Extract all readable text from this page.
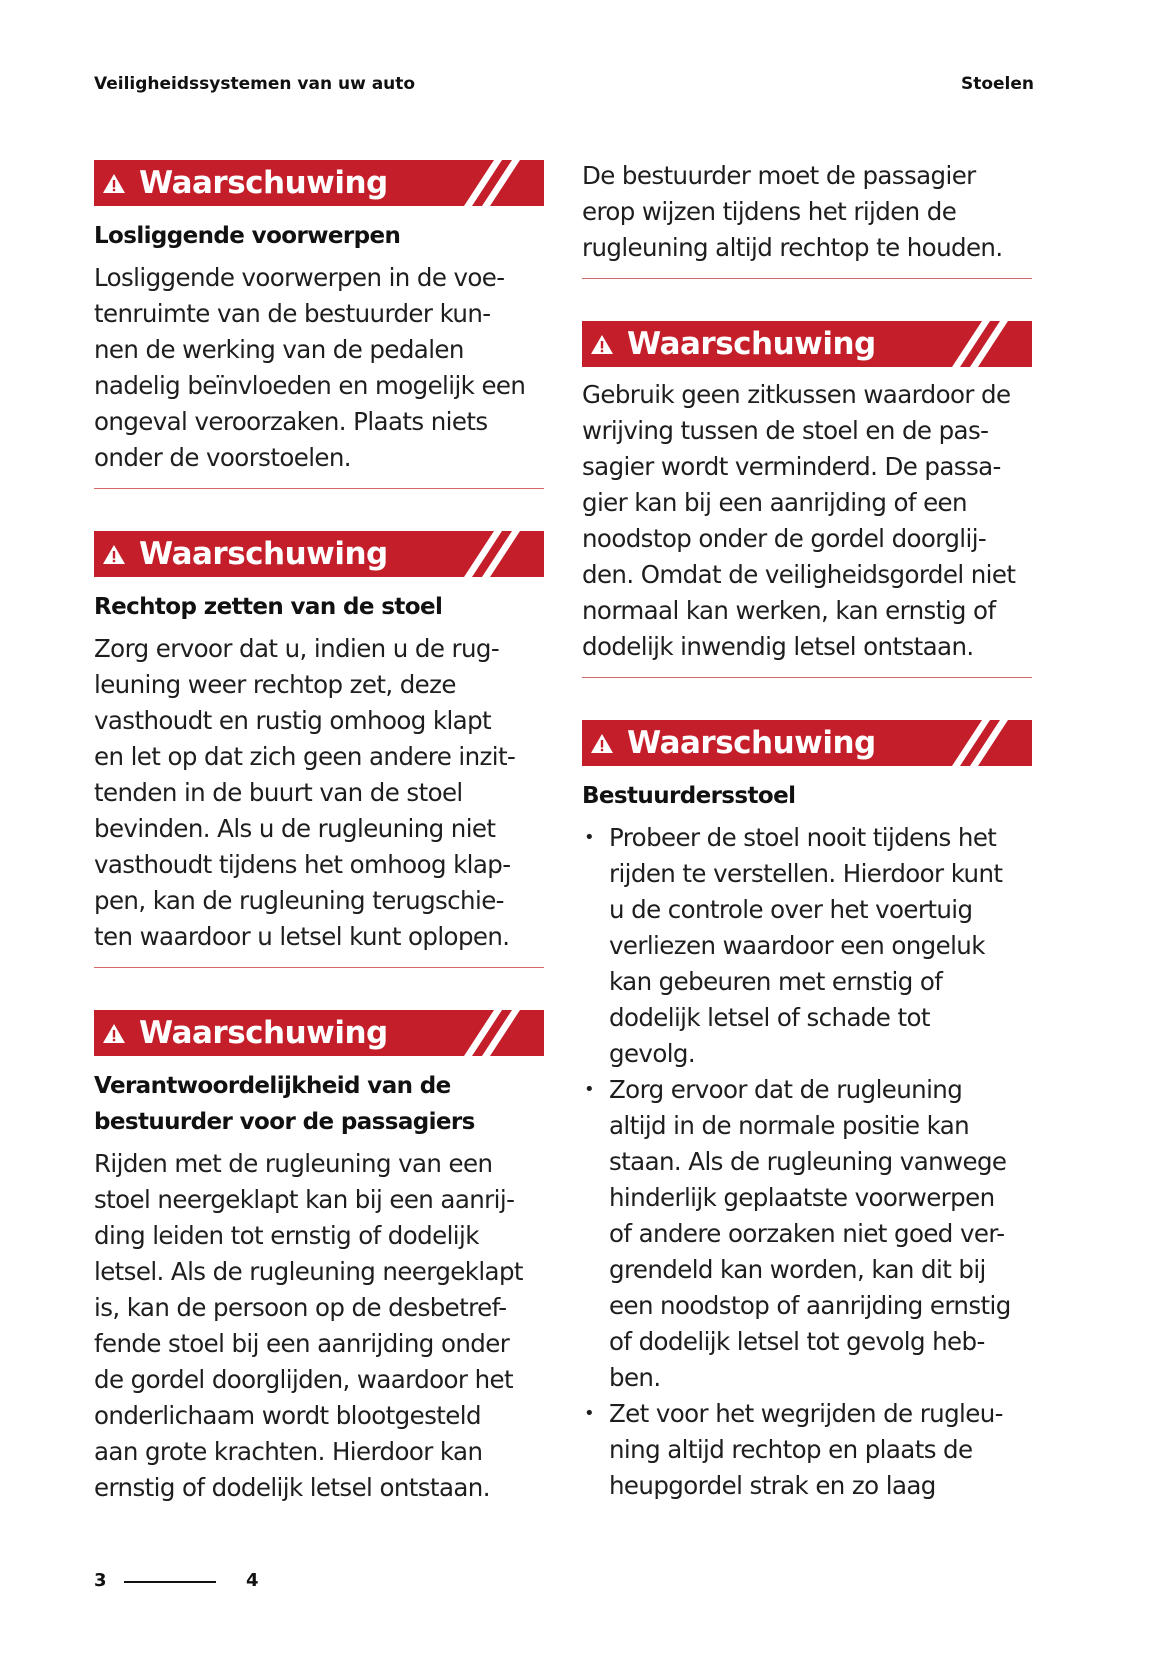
Veiligheidssystemen van uw auto	Stoelen
Waarschuwing
Losliggende voorwerpen

Losliggende voorwerpen in de voe-
tenruimte van de bestuurder kun-
nen de werking van de pedalen
nadelig beïnvloeden en mogelijk een
ongeval veroorzaken. Plaats niets
onder de voorstoelen.

Waarschuwing
Rechtop zetten van de stoel

Zorg ervoor dat u, indien u de rug-
leuning weer rechtop zet, deze
vasthoudt en rustig omhoog klapt
en let op dat zich geen andere inzit-
tenden in de buurt van de stoel
bevinden. Als u de rugleuning niet
vasthoudt tijdens het omhoog klap-
pen, kan de rugleuning terugschie-
ten waardoor u letsel kunt oplopen.

Waarschuwing
Verantwoordelijkheid van de
bestuurder voor de passagiers

Rijden met de rugleuning van een
stoel neergeklapt kan bij een aanrij-
ding leiden tot ernstig of dodelijk
letsel. Als de rugleuning neergeklapt
is, kan de persoon op de desbetref-
fende stoel bij een aanrijding onder
de gordel doorglijden, waardoor het
onderlichaam wordt blootgesteld
aan grote krachten. Hierdoor kan
ernstig of dodelijk letsel ontstaan.

De bestuurder moet de passagier
erop wijzen tijdens het rijden de
rugleuning altijd rechtop te houden.

Waarschuwing

Gebruik geen zitkussen waardoor de
wrijving tussen de stoel en de pas-
sagier wordt verminderd. De passa-
gier kan bij een aanrijding of een
noodstop onder de gordel doorglij-
den. Omdat de veiligheidsgordel niet
normaal kan werken, kan ernstig of
dodelijk inwendig letsel ontstaan.

Waarschuwing
Bestuurdersstoel
• Probeer de stoel nooit tijdens het
rijden te verstellen. Hierdoor kunt
u de controle over het voertuig
verliezen waardoor een ongeluk
kan gebeuren met ernstig of
dodelijk letsel of schade tot
gevolg.
• Zorg ervoor dat de rugleuning
altijd in de normale positie kan
staan. Als de rugleuning vanwege
hinderlijk geplaatste voorwerpen
of andere oorzaken niet goed ver-
grendeld kan worden, kan dit bij
een noodstop of aanrijding ernstig
of dodelijk letsel tot gevolg heb-
ben.
• Zet voor het wegrijden de rugleu-
ning altijd rechtop en plaats de
heupgordel strak en zo laag
3	4
